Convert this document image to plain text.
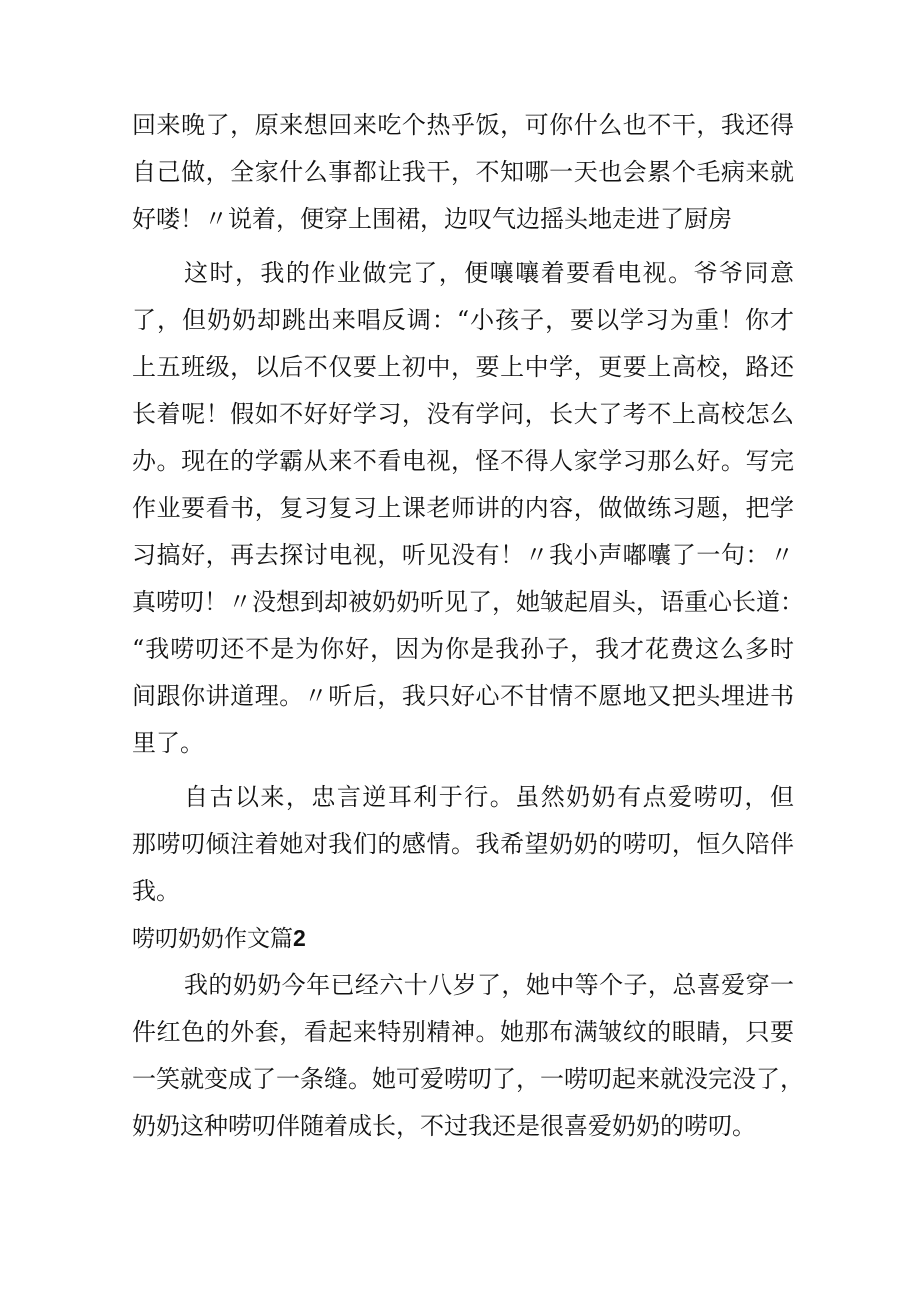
回来晚了，原来想回来吃个热乎饭，可你什么也不干，我还得
自己做，全家什么事都让我干，不知哪一天也会累个毛病来就
好喽！〃说着，便穿上围裙，边叹气边摇头地走进了厨房
这时，我的作业做完了，便嚷嚷着要看电视。爷爷同意
了，但奶奶却跳出来唱反调：“小孩子，要以学习为重！你才
上五班级，以后不仅要上初中，要上中学，更要上高校，路还
长着呢！假如不好好学习，没有学问，长大了考不上高校怎么
办。现在的学霸从来不看电视，怪不得人家学习那么好。写完
作业要看书，复习复习上课老师讲的内容，做做练习题，把学
习搞好，再去探讨电视，听见没有！〃我小声嘟囔了一句：〃
真唠叨！〃没想到却被奶奶听见了，她皱起眉头，语重心长道：
“我唠叨还不是为你好，因为你是我孙子，我才花费这么多时
间跟你讲道理。〃听后，我只好心不甘情不愿地又把头埋进书
里了。
自古以来，忠言逆耳利于行。虽然奶奶有点爱唠叨，但
那唠叨倾注着她对我们的感情。我希望奶奶的唠叨，恒久陪伴
我。
唠叨奶奶作文篇2
我的奶奶今年已经六十八岁了，她中等个子，总喜爱穿一
件红色的外套，看起来特别精神。她那布满皱纹的眼睛，只要
一笑就变成了一条缝。她可爱唠叨了，一唠叨起来就没完没了，
奶奶这种唠叨伴随着成长，不过我还是很喜爱奶奶的唠叨。
